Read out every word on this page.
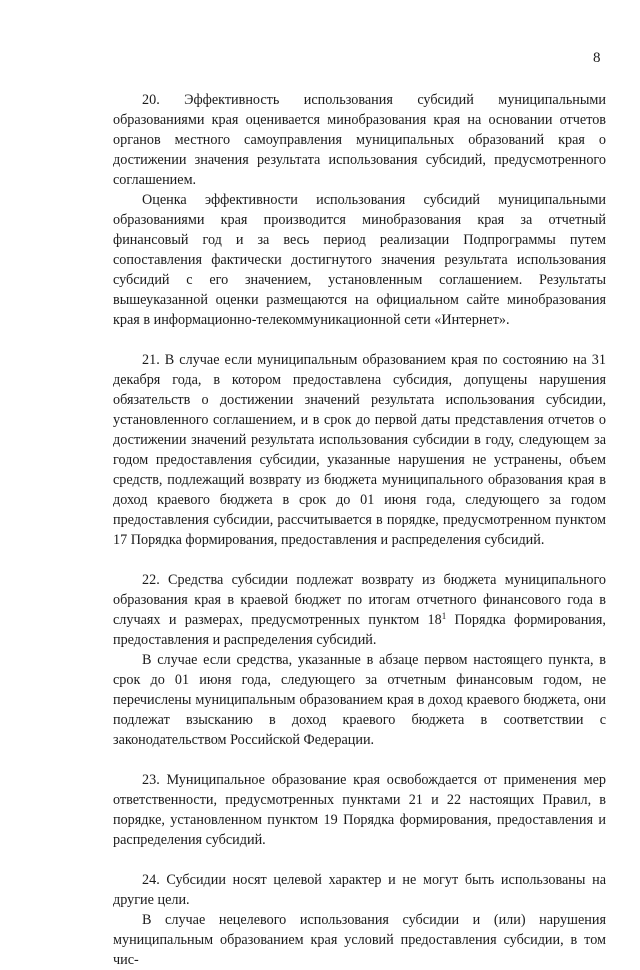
8

20. Эффективность использования субсидий муниципальными образованиями края оценивается минобразования края на основании отчетов органов местного самоуправления муниципальных образований края о достижении значения результата использования субсидий, предусмотренного соглашением.

Оценка эффективности использования субсидий муниципальными образованиями края производится минобразования края за отчетный финансовый год и за весь период реализации Подпрограммы путем сопоставления фактически достигнутого значения результата использования субсидий с его значением, установленным соглашением. Результаты вышеуказанной оценки размещаются на официальном сайте минобразования края в информационно-телекоммуникационной сети «Интернет».

21. В случае если муниципальным образованием края по состоянию на 31 декабря года, в котором предоставлена субсидия, допущены нарушения обязательств о достижении значений результата использования субсидии, установленного соглашением, и в срок до первой даты представления отчетов о достижении значений результата использования субсидии в году, следующем за годом предоставления субсидии, указанные нарушения не устранены, объем средств, подлежащий возврату из бюджета муниципального образования края в доход краевого бюджета в срок до 01 июня года, следующего за годом предоставления субсидии, рассчитывается в порядке, предусмотренном пунктом 17 Порядка формирования, предоставления и распределения субсидий.

22. Средства субсидии подлежат возврату из бюджета муниципального образования края в краевой бюджет по итогам отчетного финансового года в случаях и размерах, предусмотренных пунктом $18^1$ Порядка формирования, предоставления и распределения субсидий.

В случае если средства, указанные в абзаце первом настоящего пункта, в срок до 01 июня года, следующего за отчетным финансовым годом, не перечислены муниципальным образованием края в доход краевого бюджета, они подлежат взысканию в доход краевого бюджета в соответствии с законодательством Российской Федерации.

23. Муниципальное образование края освобождается от применения мер ответственности, предусмотренных пунктами 21 и 22 настоящих Правил, в порядке, установленном пунктом 19 Порядка формирования, предоставления и распределения субсидий.

24. Субсидии носят целевой характер и не могут быть использованы на другие цели.

В случае нецелевого использования субсидии и (или) нарушения муниципальным образованием края условий предоставления субсидии, в том чис-
